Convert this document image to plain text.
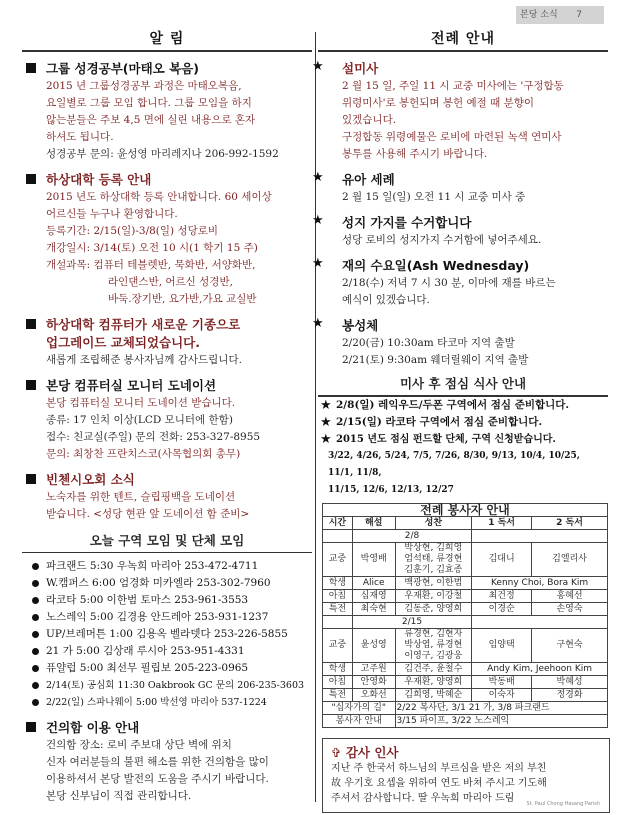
본당 소식 7
알 림
그룹 성경공부(마태오 복음)
2015 년 그룹성경공부 과정은 마태오복음,
요일별로 그룹 모임 합니다. 그룹 모임을 하지
않는분들은 주보 4,5 면에 실린 내용으로 혼자
하셔도 됩니다.
성경공부 문의: 윤성영 마리레지나 206-992-1592
하상대학 등록 안내
2015 년도 하상대학 등록 안내합니다. 60 세이상
어르신들 누구나 환영합니다.
등록기간: 2/15(일)-3/8(일) 성당로비
개강일시: 3/14(토) 오전 10 시(1 학기 15 주)
개설과목: 컴퓨터 테블렛반, 묵화반, 서양화반,
라인댄스반, 어르신 성경반,
바둑.장기반, 요가반,가요 교실반
하상대학 컴퓨터가 새로운 기종으로
업그레이드 교체되었습니다.
새롭게 조립해준 봉사자님께 감사드립니다.
본당 컴퓨터실 모니터 도네이션
본당 컴퓨터실 모니터 도네이션 받습니다.
종류: 17 인치 이상(LCD 모니터에 한함)
접수: 친교실(주일) 문의 전화: 253-327-8955
문의: 최창찬 프란치스코(사목협의회 총무)
빈첸시오회 소식
노숙자를 위한 텐트, 슬립핑백을 도네이션
받습니다. <성당 현관 앞 도네이션 함 준비>
오늘 구역 모임 및 단체 모임
파크랜드 5:30 우녹희 마리아 253-472-4711
W.캠퍼스 6:00 엄경화 미카엘라 253-302-7960
라코타 5:00 이한범 토마스 253-961-3553
노스레익 5:00 김경용 안드레아 253-931-1237
UP/브레머튼 1:00 김용옥 벨라뎃다 253-226-5855
21 가 5:00 김상래 루시아 253-951-4331
퓨얄럽 5:00 최선무 필립보 205-223-0965
2/14(토) 공심회 11:30 Oakbrook GC 문의 206-235-3603
2/22(일) 스파나웨이 5:00 박선영 마리아 537-1224
건의함 이용 안내
건의함 장소: 로비 주보대 상단 벽에 위치
신자 여러분들의 불편 해소를 위한 건의함을 많이
이용하셔서 본당 발전의 도움을 주시기 바랍니다.
본당 신부님이 직접 관리합니다.
전례 안내
★ 설미사
2 월 15 일, 주일 11 시 교중 미사에는 '구정합동
위령미사'로 봉헌되며 봉헌 예절 때 분향이
있겠습니다.
구정합동 위령예물은 로비에 마련된 녹색 연미사
봉투를 사용해 주시기 바랍니다.
★ 유아 세례
2 월 15 일(일) 오전 11 시 교중 미사 중
★ 성지 가지를 수거합니다
성당 로비의 성지가지 수거함에 넣어주세요.
★ 재의 수요일(Ash Wednesday)
2/18(수) 저녁 7 시 30 분, 이마에 재를 바르는
예식이 있겠습니다.
★ 봉성체
2/20(금) 10:30am 타코마 지역 출발
2/21(토) 9:30am 웨더릴웨이 지역 출발
미사 후 점심 식사 안내
★ 2/8(일) 레익우드/두폰 구역에서 점심 준비합니다.
★ 2/15(일) 라코타 구역에서 점심 준비합니다.
★ 2015 년도 점심 펀드할 단체, 구역 신청받습니다.
3/22, 4/26, 5/24, 7/5, 7/26, 8/30, 9/13, 10/4, 10/25, 11/1, 11/8,
11/15, 12/6, 12/13, 12/27
전례 봉사자 안내				
시간	해설	성찬	1 독서	2 독서
	2/8			
교중	박영배	박상현, 김희영
엄석태, 류경현
김훈기, 김효종	김대니	김엘리사
학생	Alice	백광현, 이한범	Kenny Choi, Bora Kim	
아침	심재영	우재환, 이강철	최건정	홍혜선
특전	최숙현	김동준, 양영희	이경순	손영숙
	2/15			
교중	윤성영	류경현, 김현자
박상엽, 류경현
이영구, 김광웅	임양택	구현숙
학생	고주원	김건주, 윤철수	Andy Kim, Jeehoon Kim	
아침	안영화	우재환, 양영희	박동배	박혜성
특전	오화선	김희영, 박혜순	이숙자	정경화
"십자가의 길"		2/22 복사단, 3/1 21 가, 3/8 파크랜드		
봉사자 안내		3/15 파이프, 3/22 노스레익		
✞ 감사 인사
지난 주 한국서 하느님의 부르심을 받은 저의 부친
故 우기호 요셉을 위하여 연도 바쳐 주시고 기도해
주셔서 감사합니다. 딸 우녹희 마리아 드림	St. Paul Chong Hasang Parish
